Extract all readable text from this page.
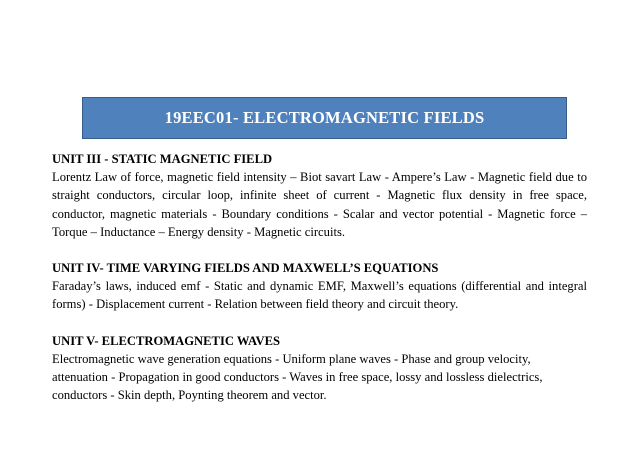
19EEC01- ELECTROMAGNETIC FIELDS
UNIT III - STATIC MAGNETIC FIELD
Lorentz Law of force, magnetic field intensity – Biot savart Law - Ampere’s Law - Magnetic field due to straight conductors, circular loop, infinite sheet of current - Magnetic flux density in free space, conductor, magnetic materials - Boundary conditions - Scalar and vector potential - Magnetic force – Torque – Inductance – Energy density - Magnetic circuits.
UNIT IV- TIME VARYING FIELDS AND MAXWELL’S EQUATIONS
Faraday’s laws, induced emf - Static and dynamic EMF, Maxwell’s equations (differential and integral forms) - Displacement current - Relation between field theory and circuit theory.
UNIT V- ELECTROMAGNETIC WAVES
Electromagnetic wave generation equations - Uniform plane waves - Phase and group velocity, attenuation - Propagation in good conductors - Waves in free space, lossy and lossless dielectrics, conductors - Skin depth, Poynting theorem and vector.
